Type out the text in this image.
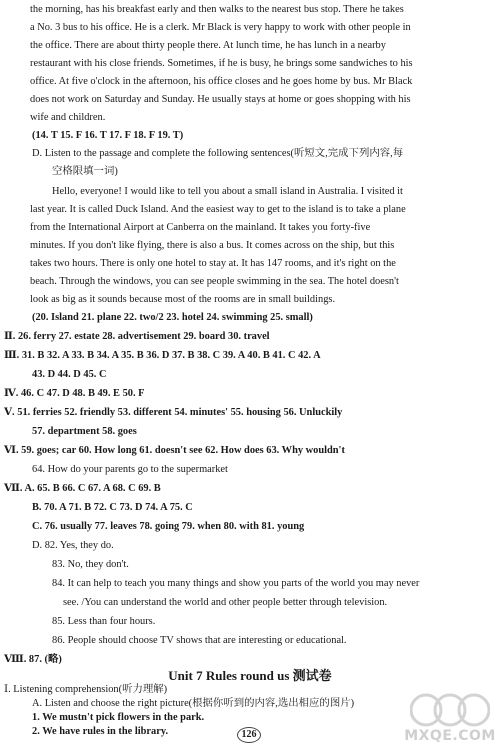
the morning, has his breakfast early and then walks to the nearest bus stop. There he takes
a No. 3 bus to his office. He is a clerk. Mr Black is very happy to work with other people in
the office. There are about thirty people there. At lunch time, he has lunch in a nearby
restaurant with his close friends. Sometimes, if he is busy, he brings some sandwiches to his
office. At five o'clock in the afternoon, his office closes and he goes home by bus. Mr Black
does not work on Saturday and Sunday. He usually stays at home or goes shopping with his
wife and children.
(14. T 15. F 16. T 17. F 18. F 19. T)
D. Listen to the passage and complete the following sentences(听短文,完成下列内容,每
空格限填一词)
Hello, everyone! I would like to tell you about a small island in Australia. I visited it
last year. It is called Duck Island. And the easiest way to get to the island is to take a plane
from the International Airport at Canberra on the mainland. It takes you forty-five
minutes. If you don't like flying, there is also a bus. It comes across on the ship, but this
takes two hours. There is only one hotel to stay at. It has 147 rooms, and it's right on the
beach. Through the windows, you can see people swimming in the sea. The hotel doesn't
look as big as it sounds because most of the rooms are in small buildings.
(20. Island 21. plane 22. two/2 23. hotel 24. swimming 25. small)
Ⅱ. 26. ferry 27. estate 28. advertisement 29. board 30. travel
Ⅲ. 31. B 32. A 33. B 34. A 35. B 36. D 37. B 38. C 39. A 40. B 41. C 42. A
43. D 44. D 45. C
Ⅳ. 46. C 47. D 48. B 49. E 50. F
Ⅴ. 51. ferries 52. friendly 53. different 54. minutes' 55. housing 56. Unluckily
57. department 58. goes
Ⅵ. 59. goes; car 60. How long 61. doesn't see 62. How does 63. Why wouldn't
64. How do your parents go to the supermarket
Ⅶ. A. 65. B 66. C 67. A 68. C 69. B
B. 70. A 71. B 72. C 73. D 74. A 75. C
C. 76. usually 77. leaves 78. going 79. when 80. with 81. young
D. 82. Yes, they do.
83. No, they don't.
84. It can help to teach you many things and show you parts of the world you may never
see. /You can understand the world and other people better through television.
85. Less than four hours.
86. People should choose TV shows that are interesting or educational.
Ⅷ. 87. (略)
Unit 7 Rules round us 测试卷
Ⅰ. Listening comprehension(听力理解)
A. Listen and choose the right picture(根据你听到的内容,选出相应的图片)
1. We mustn't pick flowers in the park.
2. We have rules in the library.	126	MXQE.COM
